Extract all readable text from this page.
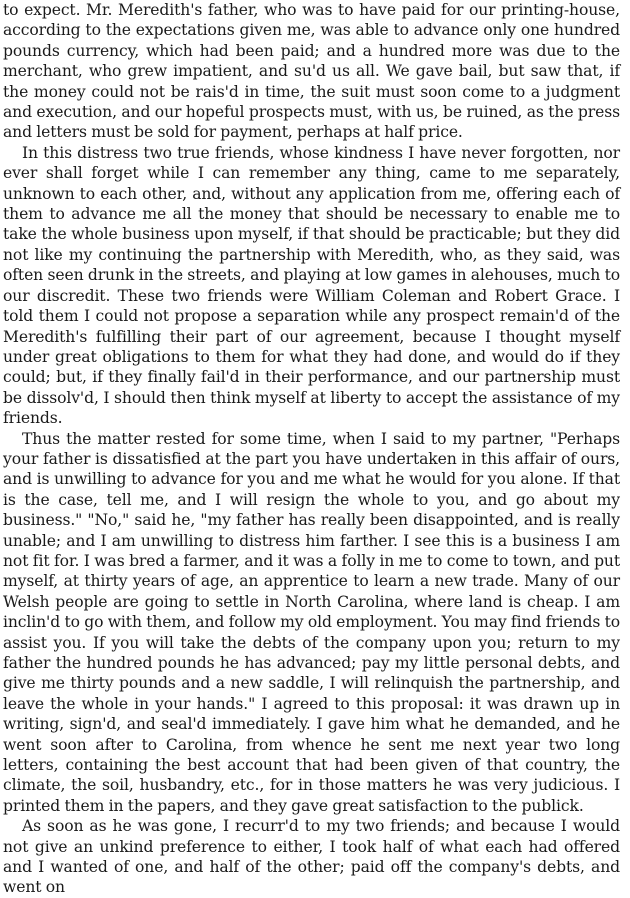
to expect. Mr. Meredith's father, who was to have paid for our printing-house, according to the expectations given me, was able to advance only one hundred pounds currency, which had been paid; and a hundred more was due to the merchant, who grew impatient, and su'd us all. We gave bail, but saw that, if the money could not be rais'd in time, the suit must soon come to a judgment and execution, and our hopeful prospects must, with us, be ruined, as the press and letters must be sold for payment, perhaps at half price.

In this distress two true friends, whose kindness I have never forgotten, nor ever shall forget while I can remember any thing, came to me separately, unknown to each other, and, without any application from me, offering each of them to advance me all the money that should be necessary to enable me to take the whole business upon myself, if that should be practicable; but they did not like my continuing the partnership with Meredith, who, as they said, was often seen drunk in the streets, and playing at low games in alehouses, much to our discredit. These two friends were William Coleman and Robert Grace. I told them I could not propose a separation while any prospect remain'd of the Meredith's fulfilling their part of our agreement, because I thought myself under great obligations to them for what they had done, and would do if they could; but, if they finally fail'd in their performance, and our partnership must be dissolv'd, I should then think myself at liberty to accept the assistance of my friends.

Thus the matter rested for some time, when I said to my partner, "Perhaps your father is dissatisfied at the part you have undertaken in this affair of ours, and is unwilling to advance for you and me what he would for you alone. If that is the case, tell me, and I will resign the whole to you, and go about my business." "No," said he, "my father has really been disappointed, and is really unable; and I am unwilling to distress him farther. I see this is a business I am not fit for. I was bred a farmer, and it was a folly in me to come to town, and put myself, at thirty years of age, an apprentice to learn a new trade. Many of our Welsh people are going to settle in North Carolina, where land is cheap. I am inclin'd to go with them, and follow my old employment. You may find friends to assist you. If you will take the debts of the company upon you; return to my father the hundred pounds he has advanced; pay my little personal debts, and give me thirty pounds and a new saddle, I will relinquish the partnership, and leave the whole in your hands." I agreed to this proposal: it was drawn up in writing, sign'd, and seal'd immediately. I gave him what he demanded, and he went soon after to Carolina, from whence he sent me next year two long letters, containing the best account that had been given of that country, the climate, the soil, husbandry, etc., for in those matters he was very judicious. I printed them in the papers, and they gave great satisfaction to the publick.

As soon as he was gone, I recurr'd to my two friends; and because I would not give an unkind preference to either, I took half of what each had offered and I wanted of one, and half of the other; paid off the company's debts, and went on
